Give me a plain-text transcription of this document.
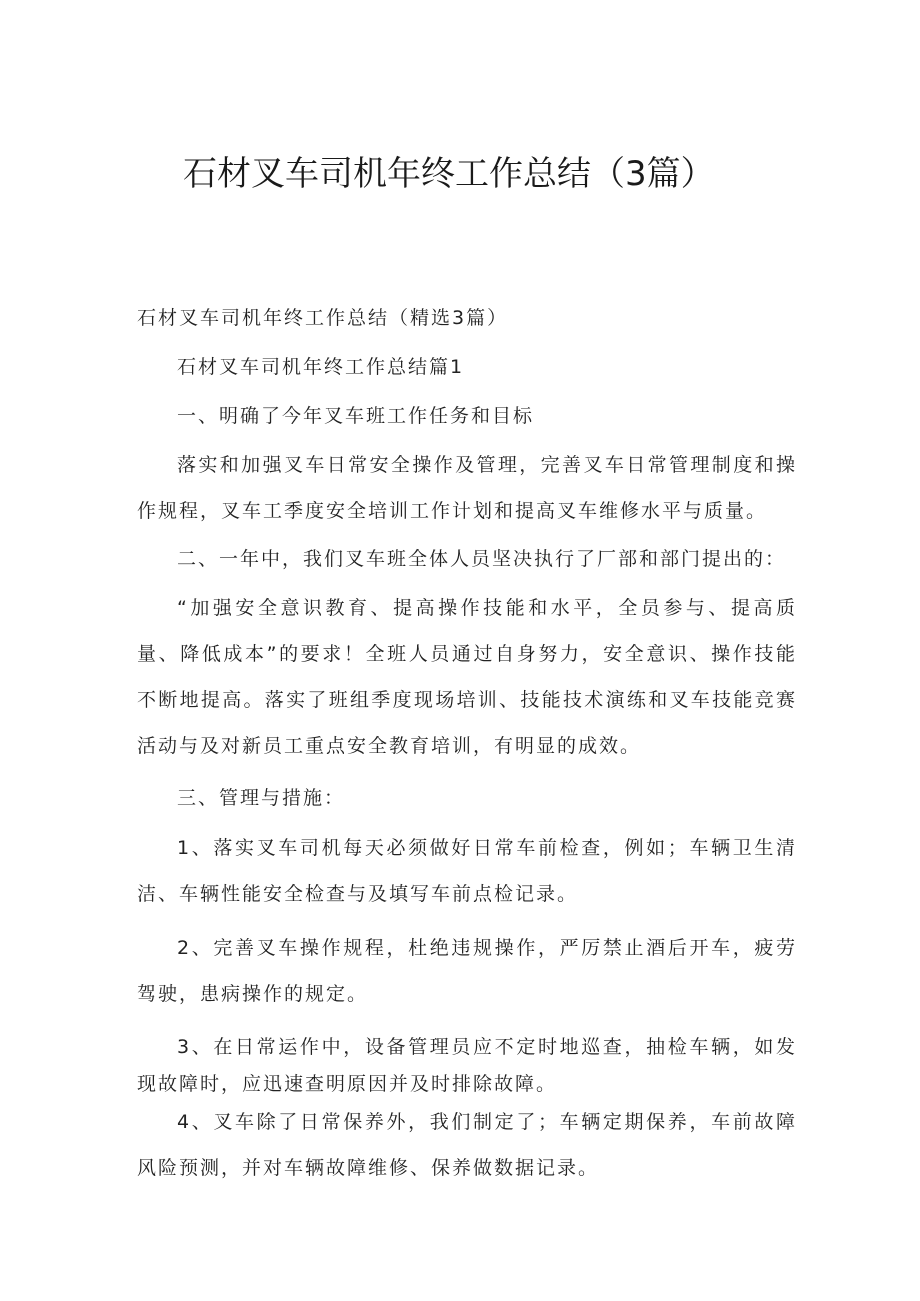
石材叉车司机年终工作总结（3篇）
石材叉车司机年终工作总结（精选3篇）
石材叉车司机年终工作总结篇1
一、明确了今年叉车班工作任务和目标
落实和加强叉车日常安全操作及管理，完善叉车日常管理制度和操作规程，叉车工季度安全培训工作计划和提高叉车维修水平与质量。
二、一年中，我们叉车班全体人员坚决执行了厂部和部门提出的：
“加强安全意识教育、提高操作技能和水平，全员参与、提高质量、降低成本”的要求！全班人员通过自身努力，安全意识、操作技能不断地提高。落实了班组季度现场培训、技能技术演练和叉车技能竞赛活动与及对新员工重点安全教育培训，有明显的成效。
三、管理与措施：
1、落实叉车司机每天必须做好日常车前检查，例如；车辆卫生清洁、车辆性能安全检查与及填写车前点检记录。
2、完善叉车操作规程，杜绝违规操作，严厉禁止酒后开车，疲劳驾驶，患病操作的规定。
3、在日常运作中，设备管理员应不定时地巡查，抽检车辆，如发现故障时，应迅速查明原因并及时排除故障。
4、叉车除了日常保养外，我们制定了；车辆定期保养，车前故障风险预测，并对车辆故障维修、保养做数据记录。
